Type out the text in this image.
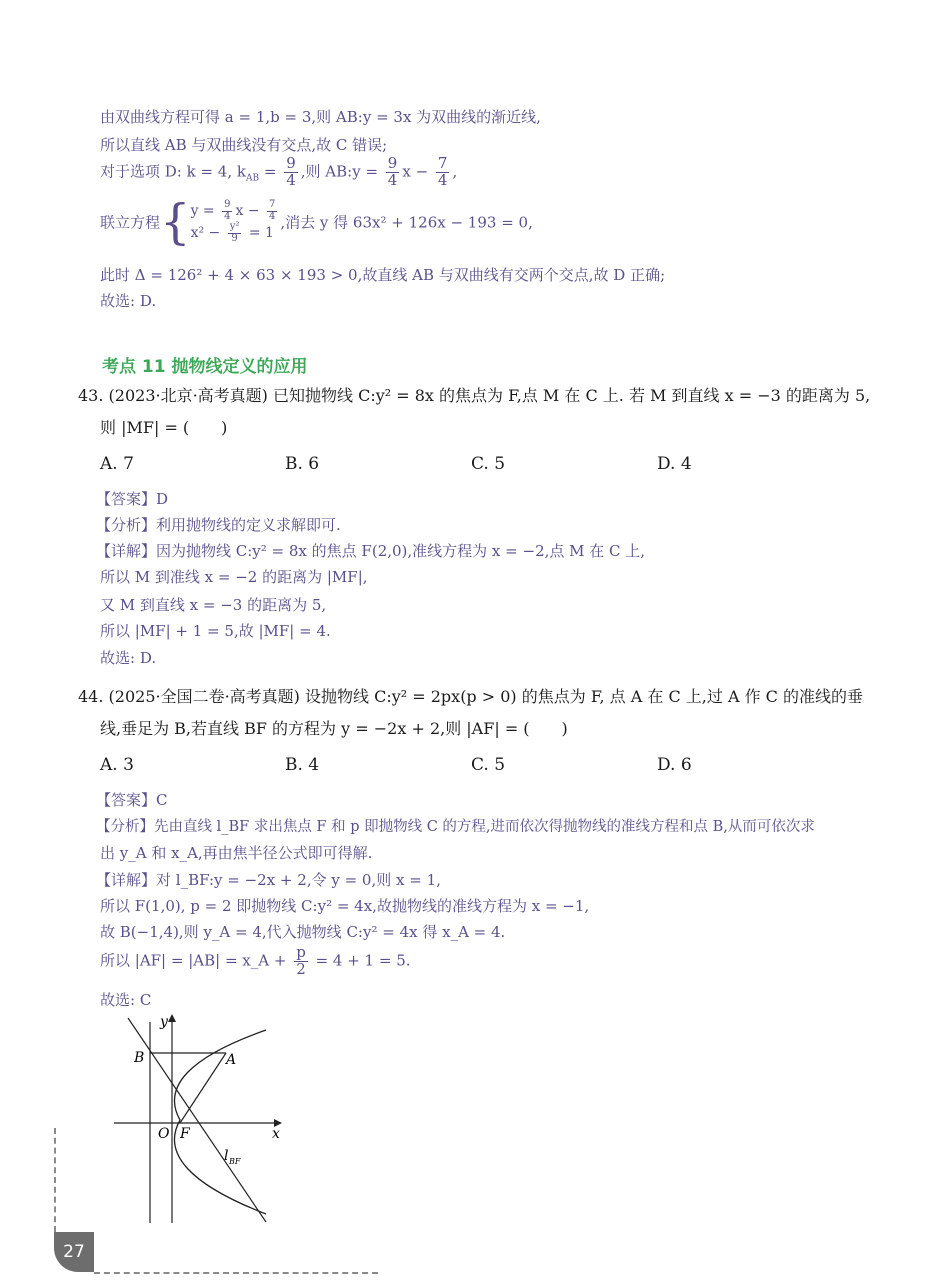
由双曲线方程可得 a = 1,b = 3,则 AB:y = 3x 为双曲线的渐近线,
所以直线 AB 与双曲线没有交点,故 C 错误;
对于选项 D: k = 4, $k_{AB} = \frac{9}{4}$ ,则 AB:y = $\frac{9}{4}$ $x - \frac{7}{4}$ ,
联立方程{ $y = \frac{9}{4}$ $x - \frac{7}{4}$
$x^2 - \frac{\text{y²}}{9} = 1$
,消去 y 得 63x² + 126x − 193 = 0,
此时 Δ = 126² + 4 × 63 × 193 > 0,故直线 AB 与双曲线有交两个交点,故 D 正确;
故选: D.
考点 11 抛物线定义的应用
43. (2023·北京·高考真题) 已知抛物线 C:y² = 8x 的焦点为 F,点 M 在 C 上. 若 M 到直线 x = −3 的距离为 5,
则 |MF| = (　　)
A. 7	B. 6	C. 5	D. 4
【答案】D
【分析】利用抛物线的定义求解即可.
【详解】因为抛物线 C:y² = 8x 的焦点 F(2,0),准线方程为 x = −2,点 M 在 C 上,
所以 M 到准线 x = −2 的距离为 |MF|,
又 M 到直线 x = −3 的距离为 5,
所以 |MF| + 1 = 5,故 |MF| = 4.
故选: D.
44. (2025·全国二卷·高考真题) 设抛物线 C:y² = 2px(p > 0) 的焦点为 F, 点 A 在 C 上,过 A 作 C 的准线的垂
线,垂足为 B,若直线 BF 的方程为 y = −2x + 2,则 |AF| = (　　)
A. 3	B. 4	C. 5	D. 6
【答案】C
【分析】先由直线 l_BF 求出焦点 F 和 p 即抛物线 C 的方程,进而依次得抛物线的准线方程和点 B,从而可依次求
出 y_A 和 x_A,再由焦半径公式即可得解.
【详解】对 l_BF:y = −2x + 2,令 y = 0,则 x = 1,
所以 F(1,0), p = 2 即抛物线 C:y² = 4x,故抛物线的准线方程为 x = −1,
故 B(−1,4),则 y_A = 4,代入抛物线 C:y² = 4x 得 x_A = 4.
所以 |AF| = |AB| = x_A + $\frac{p}{2} = 4 + 1 = 5$.
故选: C
y
x
B	A
O F
l BF
27
